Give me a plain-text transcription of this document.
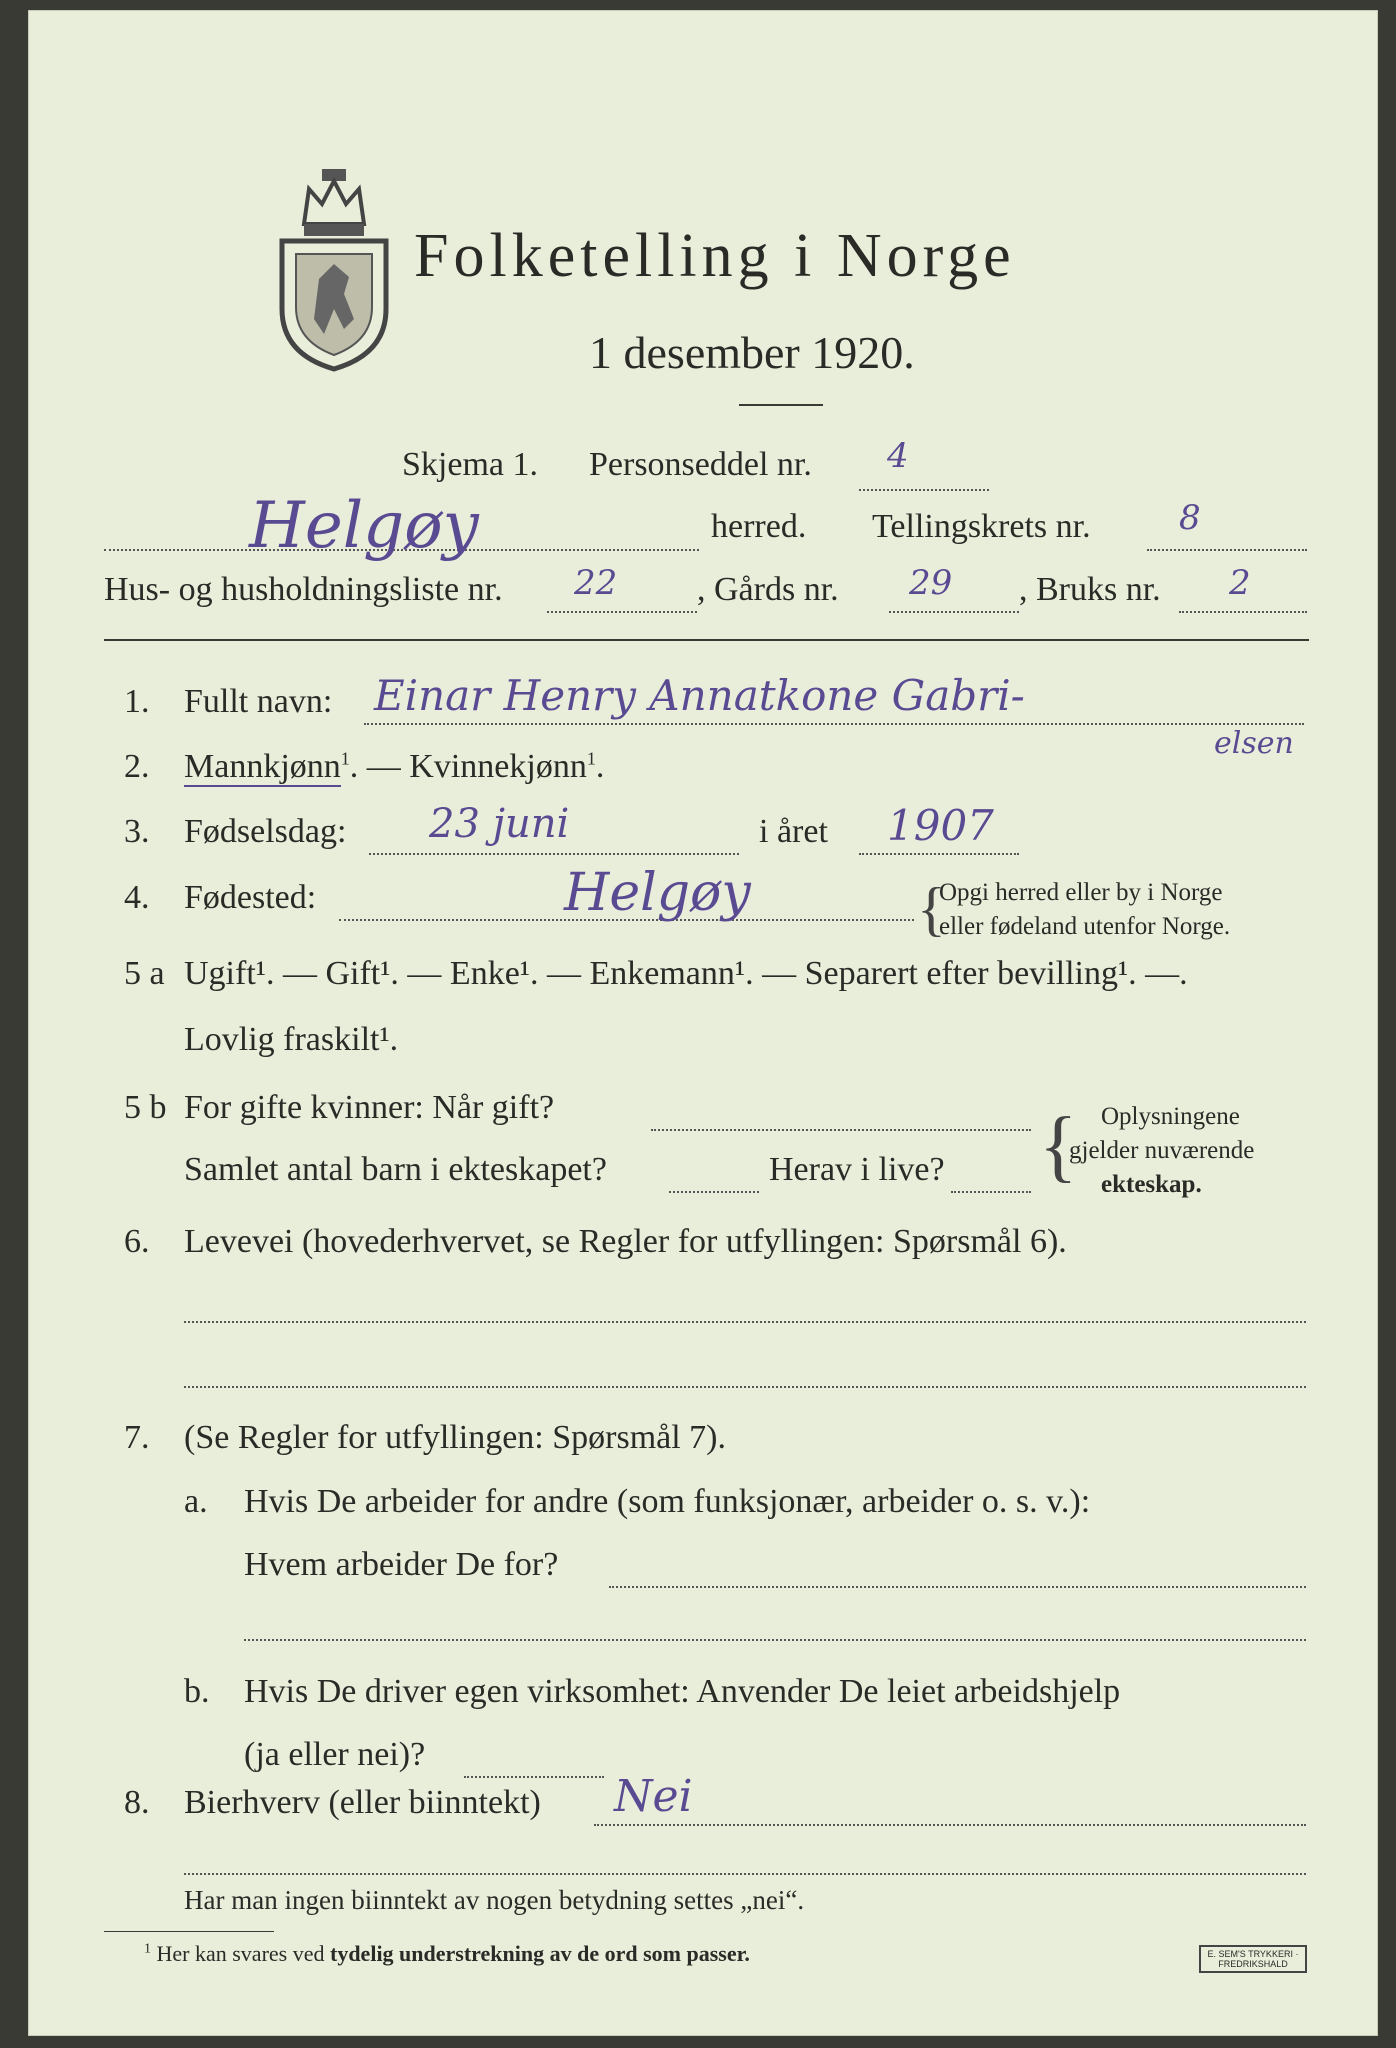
Folketelling i Norge
1 desember 1920.
Skjema 1. Personseddel nr. 4
Helgøy	herred. Tellingskrets nr.	8
Hus- og husholdningsliste nr. 22 , Gårds nr. 29 , Bruks nr. 2
1. Fullt navn: Einar Henry Annatkone Gabri-
elsen
2. Mannkjønn$^1$. — Kvinnekjønn$^1$.
3. Fødselsdag: 23 juni	i året 1907
4. Fødested:	Helgøy	{
Opgi herred eller by i Norge
eller fødeland utenfor Norge.
5 a Ugift¹. — Gift¹. — Enke¹. — Enkemann¹. — Separert efter bevilling¹. —.
Lovlig fraskilt¹.
5 b For gifte kvinner: Når gift?
Samlet antal barn i ekteskapet?	Herav i live? { Oplysningene
gjelder nuværende
ekteskap.
6. Levevei (hovederhvervet, se Regler for utfyllingen: Spørsmål 6).
7. (Se Regler for utfyllingen: Spørsmål 7).
a. Hvis De arbeider for andre (som funksjonær, arbeider o. s. v.):
Hvem arbeider De for?
b. Hvis De driver egen virksomhet: Anvender De leiet arbeidshjelp
(ja eller nei)?
8. Bierhverv (eller biinntekt) Nei
Har man ingen biinntekt av nogen betydning settes „nei“.
$^1$ Her kan svares ved tydelig understrekning av de ord som passer.	E. SEM'S TRYKKERI · FREDRIKSHALD
